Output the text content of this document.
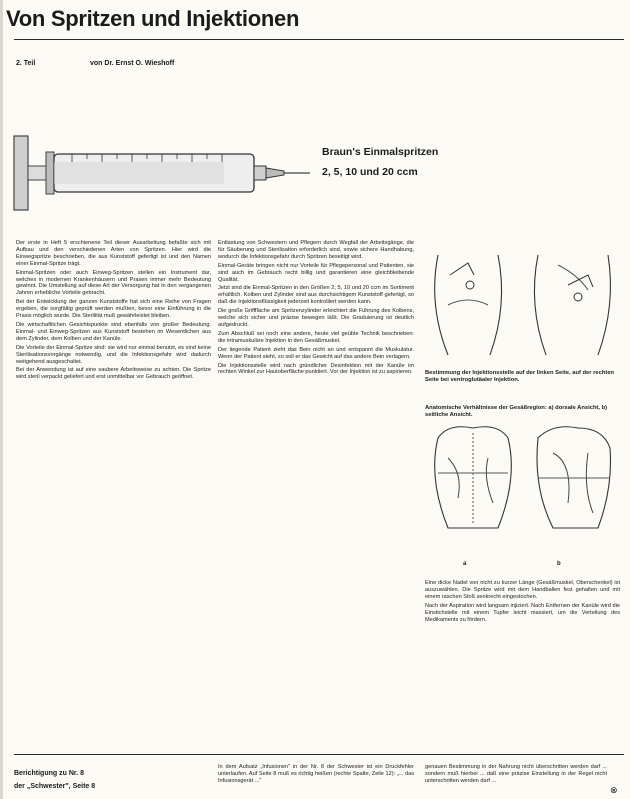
Von Spritzen und Injektionen
2. Teil	von Dr. Ernst O. Wieshoff
Braun's Einmalspritzen
2, 5, 10 und 20 ccm

Der erste in Heft 5 erschienene Teil dieser Ausarbeitung befaßte sich mit Aufbau und den verschiedenen Arten von Spritzen. Hier wird die Einwegspritze beschrieben, die aus Kunststoff gefertigt ist und den Namen einer Einmal-Spritze trägt.

Einmal-Spritzen oder auch Einweg-Spritzen stellen ein Instrument dar, welches in modernen Krankenhäusern und Praxen immer mehr Bedeutung gewinnt. Die Umstellung auf diese Art der Versorgung hat in den vergangenen Jahren erhebliche Vorteile gebracht.

Bei der Entwicklung der ganzen Kunststoffe hat sich eine Reihe von Fragen ergeben, die sorgfältig geprüft werden mußten, bevor eine Einführung in die Praxis möglich wurde. Die Sterilität muß gewährleistet bleiben.

Die wirtschaftlichen Gesichtspunkte sind ebenfalls von großer Bedeutung. Einmal- und Einweg-Spritzen aus Kunststoff bestehen im Wesentlichen aus dem Zylinder, dem Kolben und der Kanüle.

Die Vorteile der Einmal-Spritze sind: sie wird nur einmal benutzt, es sind keine Sterilisationsvorgänge notwendig, und die Infektionsgefahr wird dadurch weitgehend ausgeschaltet.

Bei der Anwendung ist auf eine saubere Arbeitsweise zu achten. Die Spritze wird steril verpackt geliefert und erst unmittelbar vor Gebrauch geöffnet.

Entlastung von Schwestern und Pflegern durch Wegfall der Arbeitsgänge, die für Säuberung und Sterilisation erforderlich sind, sowie sichere Handhabung, wodurch die Infektionsgefahr durch Spritzen beseitigt wird.

Einmal-Geräte bringen nicht nur Vorteile für Pflegepersonal und Patienten, sie sind auch im Gebrauch recht billig und garantieren eine gleichbleibende Qualität.

Jetzt sind die Einmal-Spritzen in den Größen 2, 5, 10 und 20 ccm im Sortiment erhältlich. Kolben und Zylinder sind aus durchsichtigem Kunststoff gefertigt, so daß die Injektionsflüssigkeit jederzeit kontrolliert werden kann.

Die große Grifffläche am Spritzenzylinder erleichtert die Führung des Kolbens, welche sich sicher und präzise bewegen läßt. Die Graduierung ist deutlich aufgedruckt.

Zum Abschluß sei noch eine andere, heute viel geübte Technik beschrieben: die intramuskuläre Injektion in den Gesäßmuskel.

Der liegende Patient zieht das Bein nicht an und entspannt die Muskulatur. Wenn der Patient steht, so soll er das Gewicht auf das andere Bein verlagern.

Die Injektionsstelle wird nach gründlicher Desinfektion mit der Kanüle im rechten Winkel zur Hautoberfläche punktiert. Vor der Injektion ist zu aspirieren. Bestimmung der Injektionsstelle auf der linken Seite, auf der rechten Seite bei ventroglutäaler Injektion.
Anatomische Verhältnisse der Gesäßregion: a) dorsale Ansicht, b) seitliche Ansicht.
a	b

Eine dicke Nadel von nicht zu kurzer Länge (Gesäßmuskel, Oberschenkel) ist auszuwählen. Die Spritze wird mit dem Handballen fest gehalten und mit einem raschen Stoß senkrecht eingestochen.

Nach der Aspiration wird langsam injiziert. Nach Entfernen der Kanüle wird die Einstichstelle mit einem Tupfer leicht massiert, um die Verteilung des Medikaments zu fördern.

Berichtigung zu Nr. 8
der „Schwester", Seite 8
In dem Aufsatz „Infusionen" in der Nr. 8 der Schwester ist ein Druckfehler unterlaufen. Auf Seite 8 muß es richtig heißen (rechte Spalte, Zeile 12): „... das Infusionsgerät ..."
genauen Bestimmung in der Nahrung nicht überschritten werden darf ... sondern muß hierbei ... daß eine präzise Einstellung in der Regel nicht unterschritten werden darf ...
⊗
